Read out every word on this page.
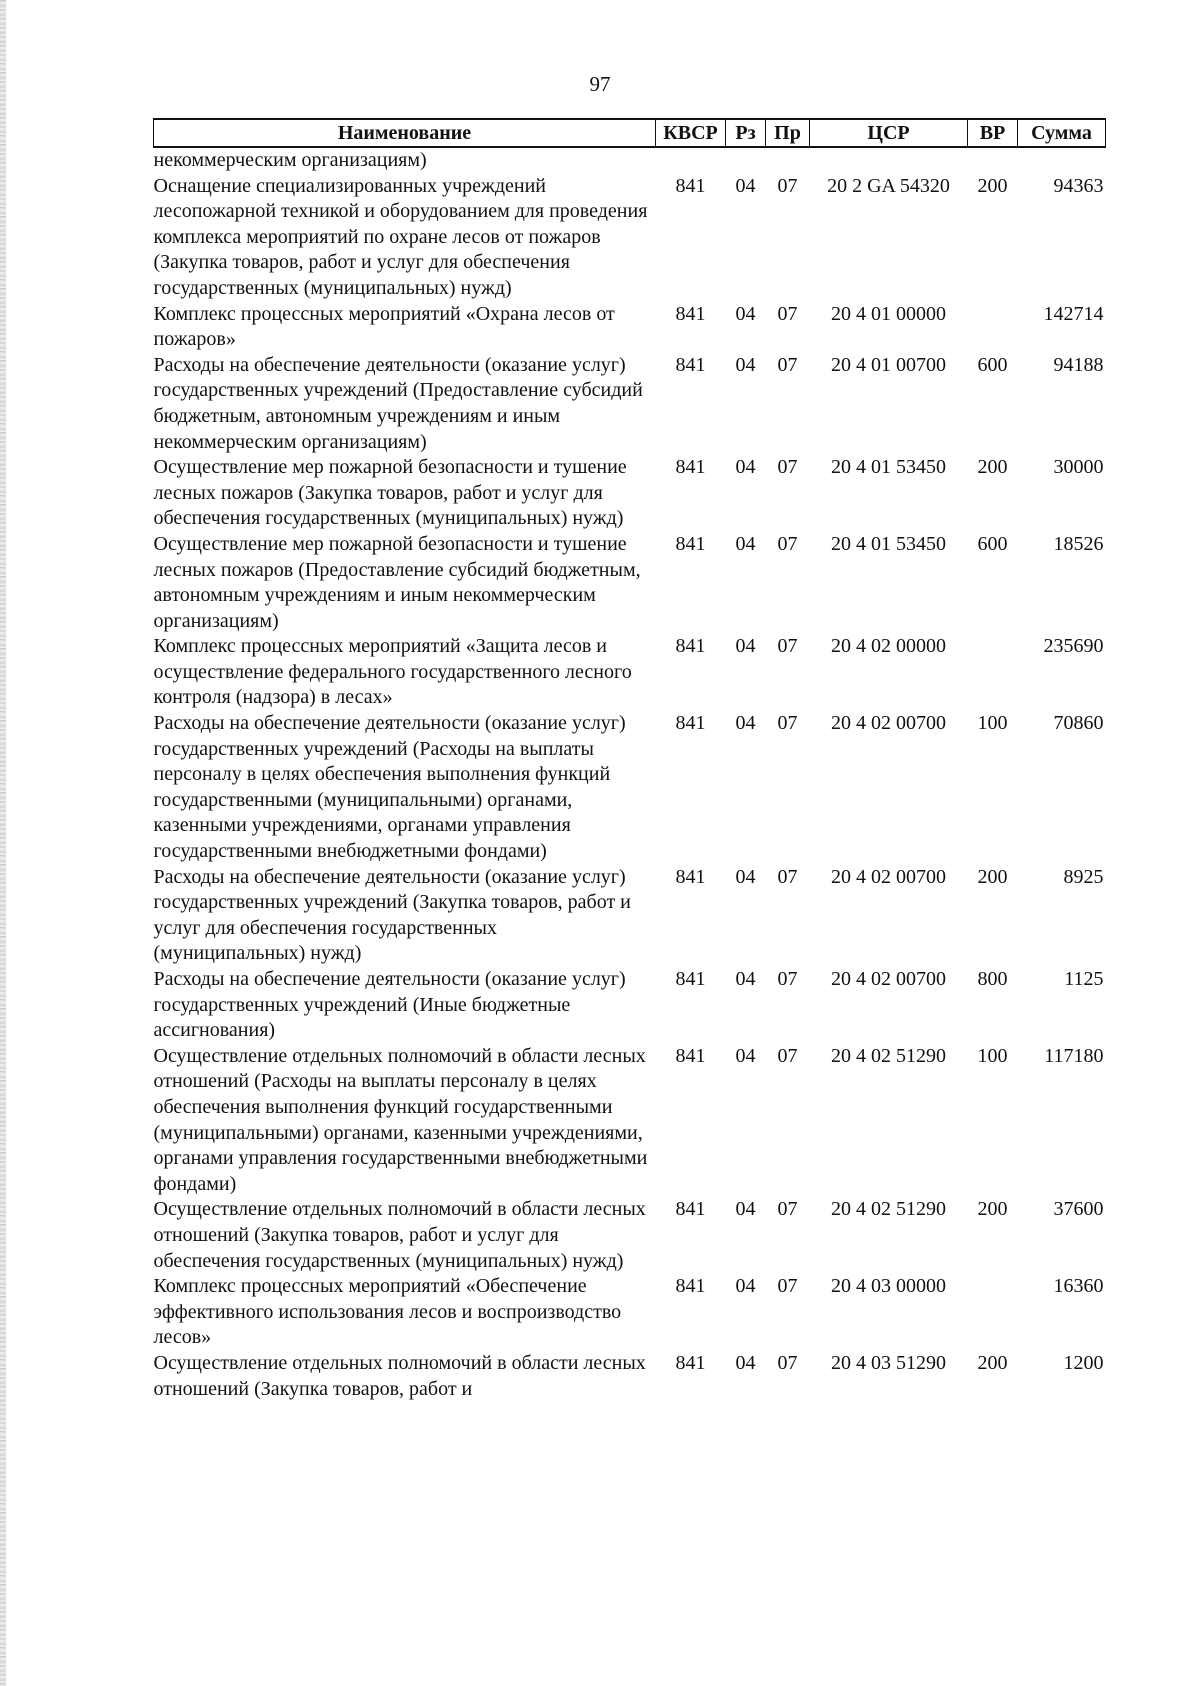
97
Наименование	КВСР	Рз	Пр	ЦСР	ВР	Сумма
некоммерческим организациям)						
Оснащение специализированных учреждений лесопожарной техникой и оборудованием для проведения комплекса мероприятий по охране лесов от пожаров (Закупка товаров, работ и услуг для обеспечения государственных (муниципальных) нужд)	841	04	07	20 2 GA 54320	200	94363
Комплекс процессных мероприятий «Охрана лесов от пожаров»	841	04	07	20 4 01 00000		142714
Расходы на обеспечение деятельности (оказание услуг) государственных учреждений (Предоставление субсидий бюджетным, автономным учреждениям и иным некоммерческим организациям)	841	04	07	20 4 01 00700	600	94188
Осуществление мер пожарной безопасности и тушение лесных пожаров (Закупка товаров, работ и услуг для обеспечения государственных (муниципальных) нужд)	841	04	07	20 4 01 53450	200	30000
Осуществление мер пожарной безопасности и тушение лесных пожаров (Предоставление субсидий бюджетным, автономным учреждениям и иным некоммерческим организациям)	841	04	07	20 4 01 53450	600	18526
Комплекс процессных мероприятий «Защита лесов и осуществление федерального государственного лесного контроля (надзора) в лесах»	841	04	07	20 4 02 00000		235690
Расходы на обеспечение деятельности (оказание услуг) государственных учреждений (Расходы на выплаты персоналу в целях обеспечения выполнения функций государственными (муниципальными) органами, казенными учреждениями, органами управления государственными внебюджетными фондами)	841	04	07	20 4 02 00700	100	70860
Расходы на обеспечение деятельности (оказание услуг) государственных учреждений (Закупка товаров, работ и услуг для обеспечения государственных (муниципальных) нужд)	841	04	07	20 4 02 00700	200	8925
Расходы на обеспечение деятельности (оказание услуг) государственных учреждений (Иные бюджетные ассигнования)	841	04	07	20 4 02 00700	800	1125
Осуществление отдельных полномочий в области лесных отношений (Расходы на выплаты персоналу в целях обеспечения выполнения функций государственными (муниципальными) органами, казенными учреждениями, органами управления государственными внебюджетными фондами)	841	04	07	20 4 02 51290	100	117180
Осуществление отдельных полномочий в области лесных отношений (Закупка товаров, работ и услуг для обеспечения государственных (муниципальных) нужд)	841	04	07	20 4 02 51290	200	37600
Комплекс процессных мероприятий «Обеспечение эффективного использования лесов и воспроизводство лесов»	841	04	07	20 4 03 00000		16360
Осуществление отдельных полномочий в области лесных отношений (Закупка товаров, работ и	841	04	07	20 4 03 51290	200	1200
